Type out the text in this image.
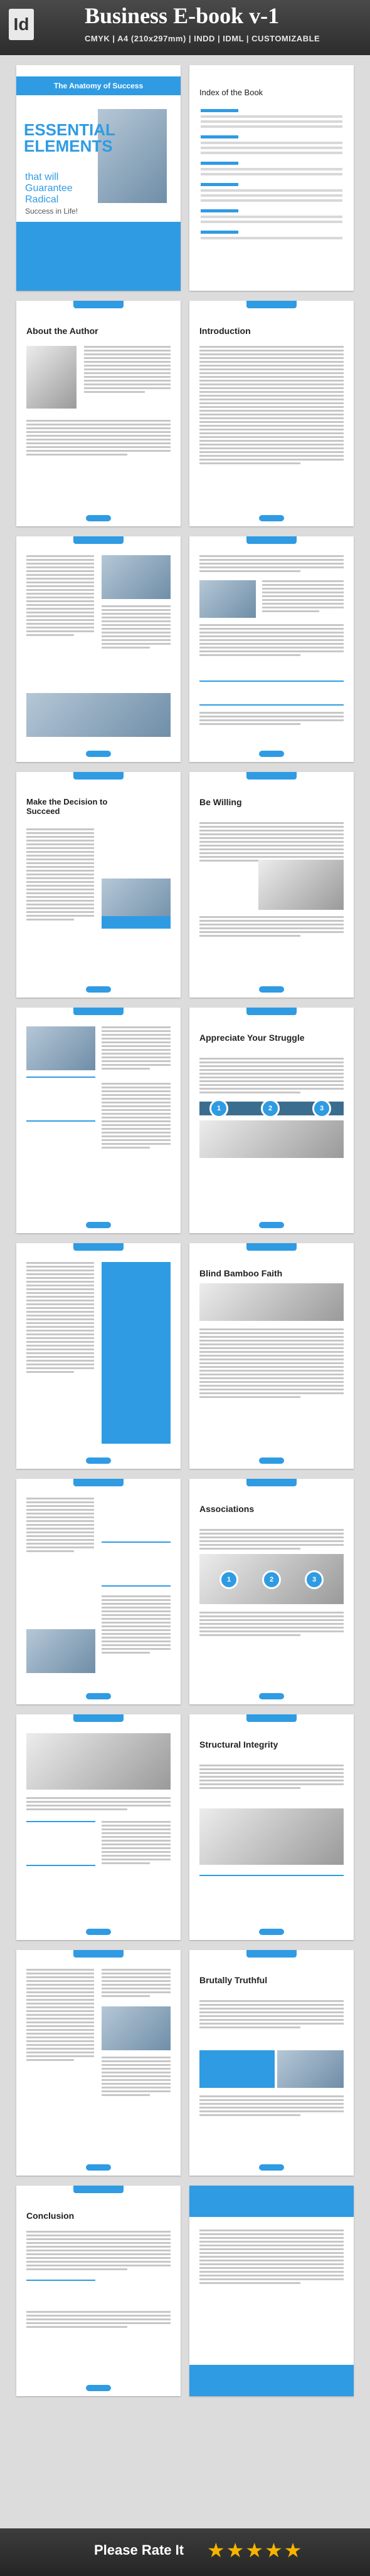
Id Business E-book v-1
CMYK | A4 (210x297mm) | INDD | IDML | CUSTOMIZABLE
The Anatomy of Success
ESSENTIAL
ELEMENTS
that will
Guarantee
Radical
Success in Life!
Index of the Book
About the Author	Introduction
Make the Decision to Succeed
Be Willing
Appreciate Your Struggle
1	2	3
Blind Bamboo Faith
Associations
1	2	3
Structural Integrity
Brutally Truthful
Conclusion
Please Rate It ★★★★★
